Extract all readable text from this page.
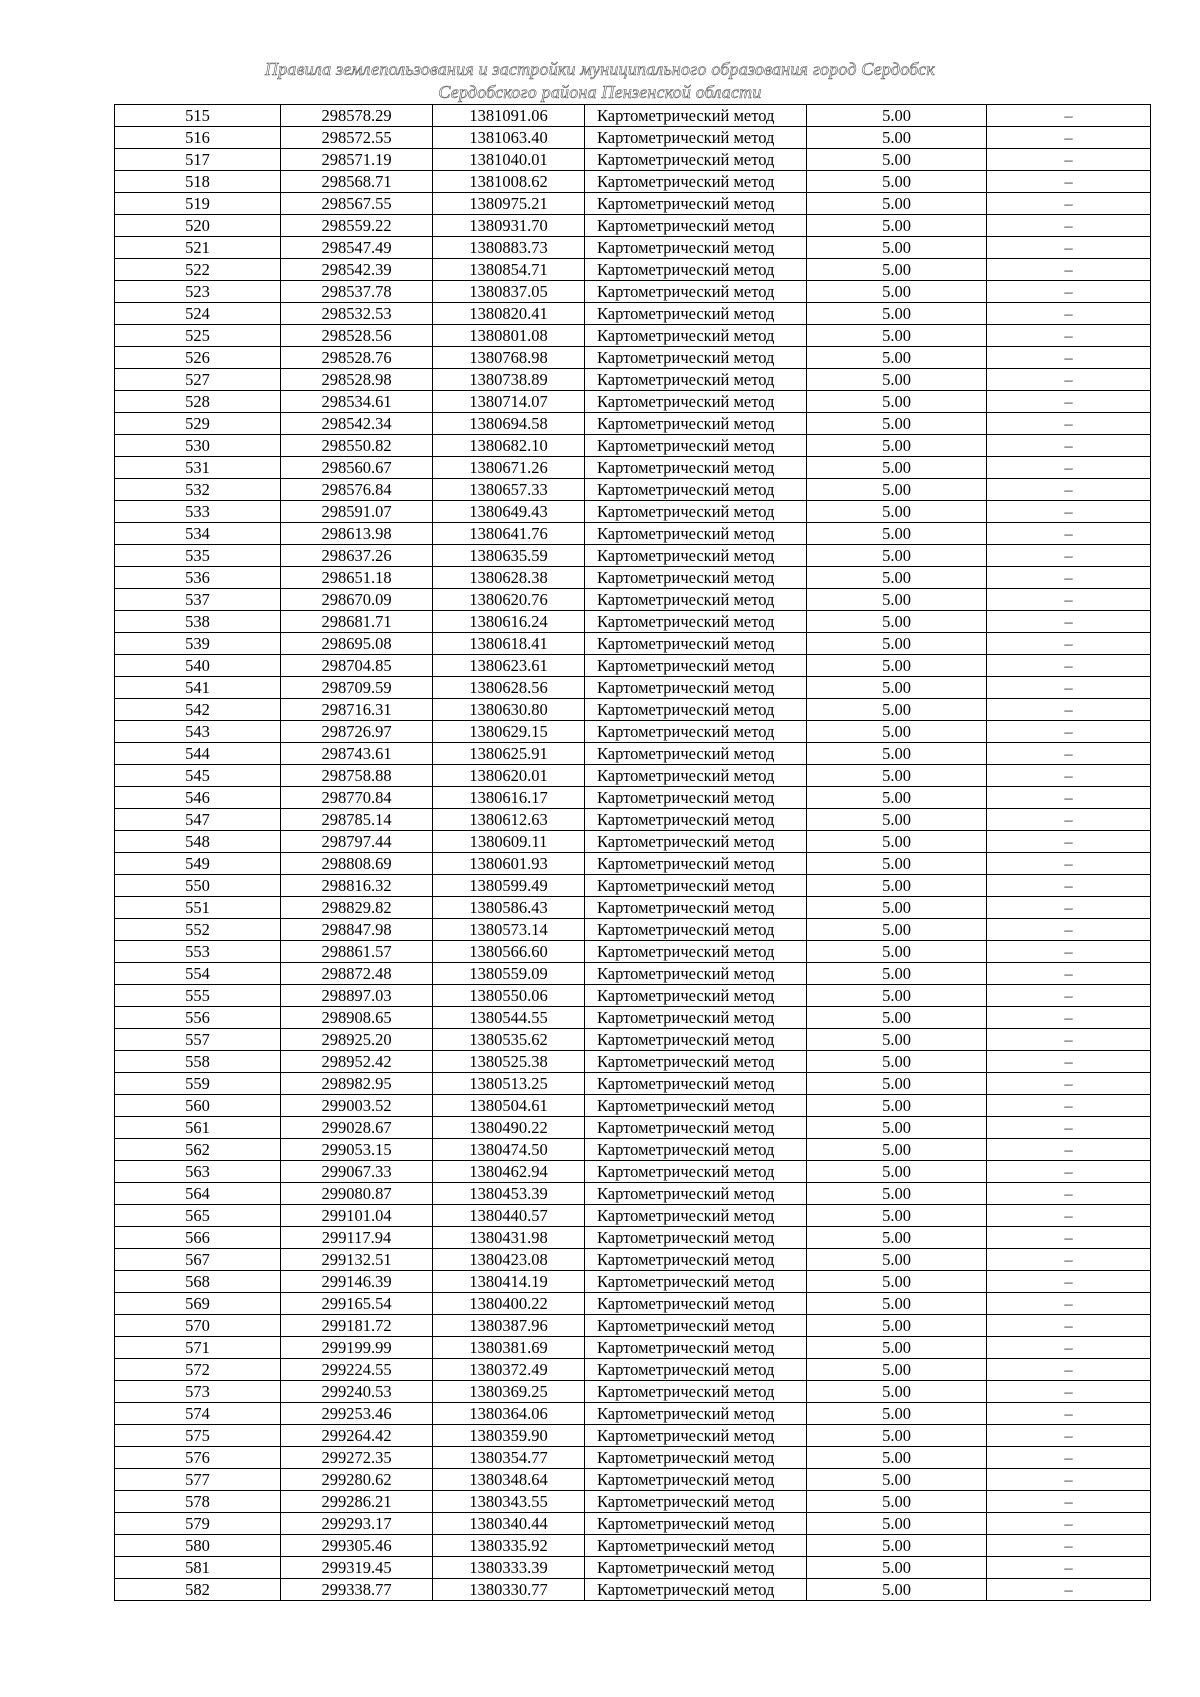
Правила землепользования и застройки муниципального образования город Сердобск
Сердобского района Пензенской области
515	298578.29	1381091.06	Картометрический метод	5.00	–
516	298572.55	1381063.40	Картометрический метод	5.00	–
517	298571.19	1381040.01	Картометрический метод	5.00	–
518	298568.71	1381008.62	Картометрический метод	5.00	–
519	298567.55	1380975.21	Картометрический метод	5.00	–
520	298559.22	1380931.70	Картометрический метод	5.00	–
521	298547.49	1380883.73	Картометрический метод	5.00	–
522	298542.39	1380854.71	Картометрический метод	5.00	–
523	298537.78	1380837.05	Картометрический метод	5.00	–
524	298532.53	1380820.41	Картометрический метод	5.00	–
525	298528.56	1380801.08	Картометрический метод	5.00	–
526	298528.76	1380768.98	Картометрический метод	5.00	–
527	298528.98	1380738.89	Картометрический метод	5.00	–
528	298534.61	1380714.07	Картометрический метод	5.00	–
529	298542.34	1380694.58	Картометрический метод	5.00	–
530	298550.82	1380682.10	Картометрический метод	5.00	–
531	298560.67	1380671.26	Картометрический метод	5.00	–
532	298576.84	1380657.33	Картометрический метод	5.00	–
533	298591.07	1380649.43	Картометрический метод	5.00	–
534	298613.98	1380641.76	Картометрический метод	5.00	–
535	298637.26	1380635.59	Картометрический метод	5.00	–
536	298651.18	1380628.38	Картометрический метод	5.00	–
537	298670.09	1380620.76	Картометрический метод	5.00	–
538	298681.71	1380616.24	Картометрический метод	5.00	–
539	298695.08	1380618.41	Картометрический метод	5.00	–
540	298704.85	1380623.61	Картометрический метод	5.00	–
541	298709.59	1380628.56	Картометрический метод	5.00	–
542	298716.31	1380630.80	Картометрический метод	5.00	–
543	298726.97	1380629.15	Картометрический метод	5.00	–
544	298743.61	1380625.91	Картометрический метод	5.00	–
545	298758.88	1380620.01	Картометрический метод	5.00	–
546	298770.84	1380616.17	Картометрический метод	5.00	–
547	298785.14	1380612.63	Картометрический метод	5.00	–
548	298797.44	1380609.11	Картометрический метод	5.00	–
549	298808.69	1380601.93	Картометрический метод	5.00	–
550	298816.32	1380599.49	Картометрический метод	5.00	–
551	298829.82	1380586.43	Картометрический метод	5.00	–
552	298847.98	1380573.14	Картометрический метод	5.00	–
553	298861.57	1380566.60	Картометрический метод	5.00	–
554	298872.48	1380559.09	Картометрический метод	5.00	–
555	298897.03	1380550.06	Картометрический метод	5.00	–
556	298908.65	1380544.55	Картометрический метод	5.00	–
557	298925.20	1380535.62	Картометрический метод	5.00	–
558	298952.42	1380525.38	Картометрический метод	5.00	–
559	298982.95	1380513.25	Картометрический метод	5.00	–
560	299003.52	1380504.61	Картометрический метод	5.00	–
561	299028.67	1380490.22	Картометрический метод	5.00	–
562	299053.15	1380474.50	Картометрический метод	5.00	–
563	299067.33	1380462.94	Картометрический метод	5.00	–
564	299080.87	1380453.39	Картометрический метод	5.00	–
565	299101.04	1380440.57	Картометрический метод	5.00	–
566	299117.94	1380431.98	Картометрический метод	5.00	–
567	299132.51	1380423.08	Картометрический метод	5.00	–
568	299146.39	1380414.19	Картометрический метод	5.00	–
569	299165.54	1380400.22	Картометрический метод	5.00	–
570	299181.72	1380387.96	Картометрический метод	5.00	–
571	299199.99	1380381.69	Картометрический метод	5.00	–
572	299224.55	1380372.49	Картометрический метод	5.00	–
573	299240.53	1380369.25	Картометрический метод	5.00	–
574	299253.46	1380364.06	Картометрический метод	5.00	–
575	299264.42	1380359.90	Картометрический метод	5.00	–
576	299272.35	1380354.77	Картометрический метод	5.00	–
577	299280.62	1380348.64	Картометрический метод	5.00	–
578	299286.21	1380343.55	Картометрический метод	5.00	–
579	299293.17	1380340.44	Картометрический метод	5.00	–
580	299305.46	1380335.92	Картометрический метод	5.00	–
581	299319.45	1380333.39	Картометрический метод	5.00	–
582	299338.77	1380330.77	Картометрический метод	5.00	–
